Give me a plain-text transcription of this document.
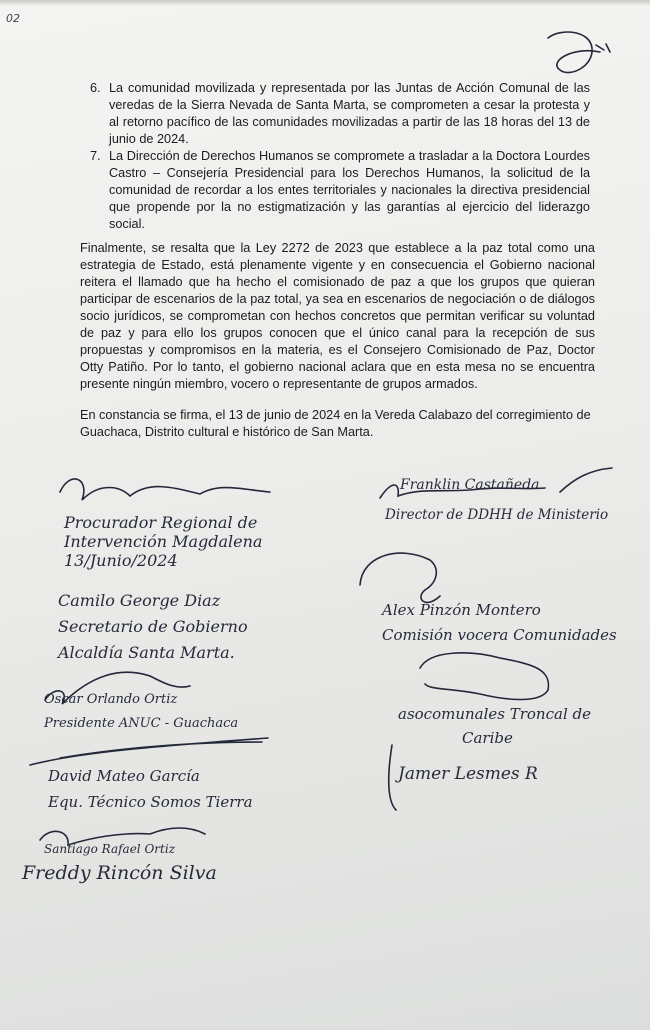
02
6. La comunidad movilizada y representada por las Juntas de Acción Comunal de las veredas de la Sierra Nevada de Santa Marta, se comprometen a cesar la protesta y al retorno pacífico de las comunidades movilizadas a partir de las 18 horas del 13 de junio de 2024.
7. La Dirección de Derechos Humanos se compromete a trasladar a la Doctora Lourdes Castro – Consejería Presidencial para los Derechos Humanos, la solicitud de la comunidad de recordar a los entes territoriales y nacionales la directiva presidencial que propende por la no estigmatización y las garantías al ejercicio del liderazgo social.

Finalmente, se resalta que la Ley 2272 de 2023 que establece a la paz total como una estrategia de Estado, está plenamente vigente y en consecuencia el Gobierno nacional reitera el llamado que ha hecho el comisionado de paz a que los grupos que quieran participar de escenarios de la paz total, ya sea en escenarios de negociación o de diálogos socio jurídicos, se comprometan con hechos concretos que permitan verificar su voluntad de paz y para ello los grupos conocen que el único canal para la recepción de sus propuestas y compromisos en la materia, es el Consejero Comisionado de Paz, Doctor Otty Patiño. Por lo tanto, el gobierno nacional aclara que en esta mesa no se encuentra presente ningún miembro, vocero o representante de grupos armados.

En constancia se firma, el 13 de junio de 2024 en la Vereda Calabazo del corregimiento de Guachaca, Distrito cultural e histórico de San Marta.

Procurador Regional de
Intervención Magdalena
13/Junio/2024
Camilo George Diaz
Secretario de Gobierno
Alcaldía Santa Marta.
Oscar Orlando Ortiz
Presidente ANUC - Guachaca
David Mateo García
Equ. Técnico Somos Tierra
Santiago Rafael Ortiz
Freddy Rincón Silva
Franklin Castañeda
Director de DDHH de Ministerio
Alex Pinzón Montero
Comisión vocera Comunidades
asocomunales Troncal de
Caribe
Jamer Lesmes R
